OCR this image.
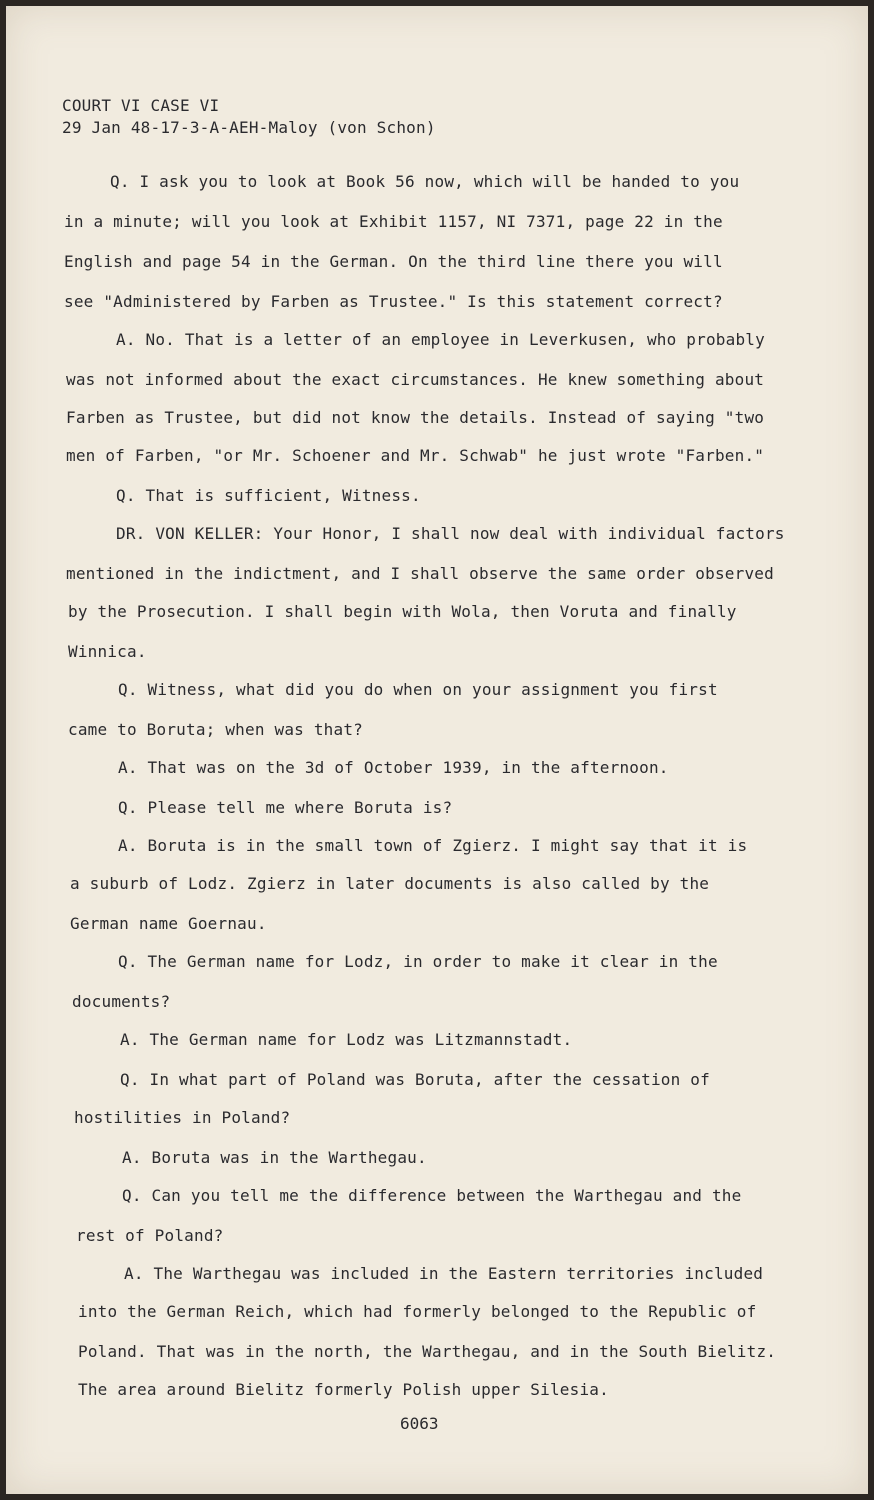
COURT VI CASE VI
29 Jan 48-17-3-A-AEH-Maloy (von Schon)
Q. I ask you to look at Book 56 now, which will be handed to you
in a minute; will you look at Exhibit 1157, NI 7371, page 22 in the
English and page 54 in the German. On the third line there you will
see "Administered by Farben as Trustee." Is this statement correct?
A. No. That is a letter of an employee in Leverkusen, who probably
was not informed about the exact circumstances. He knew something about
Farben as Trustee, but did not know the details. Instead of saying "two
men of Farben, "or Mr. Schoener and Mr. Schwab" he just wrote "Farben."
Q. That is sufficient, Witness.
DR. VON KELLER: Your Honor, I shall now deal with individual factors
mentioned in the indictment, and I shall observe the same order observed
by the Prosecution. I shall begin with Wola, then Voruta and finally
Winnica.
Q. Witness, what did you do when on your assignment you first
came to Boruta; when was that?
A. That was on the 3d of October 1939, in the afternoon.
Q. Please tell me where Boruta is?
A. Boruta is in the small town of Zgierz. I might say that it is
a suburb of Lodz. Zgierz in later documents is also called by the
German name Goernau.
Q. The German name for Lodz, in order to make it clear in the
documents?
A. The German name for Lodz was Litzmannstadt.
Q. In what part of Poland was Boruta, after the cessation of
hostilities in Poland?
A. Boruta was in the Warthegau.
Q. Can you tell me the difference between the Warthegau and the
rest of Poland?
A. The Warthegau was included in the Eastern territories included
into the German Reich, which had formerly belonged to the Republic of
Poland. That was in the north, the Warthegau, and in the South Bielitz.
The area around Bielitz formerly Polish upper Silesia.
6063
